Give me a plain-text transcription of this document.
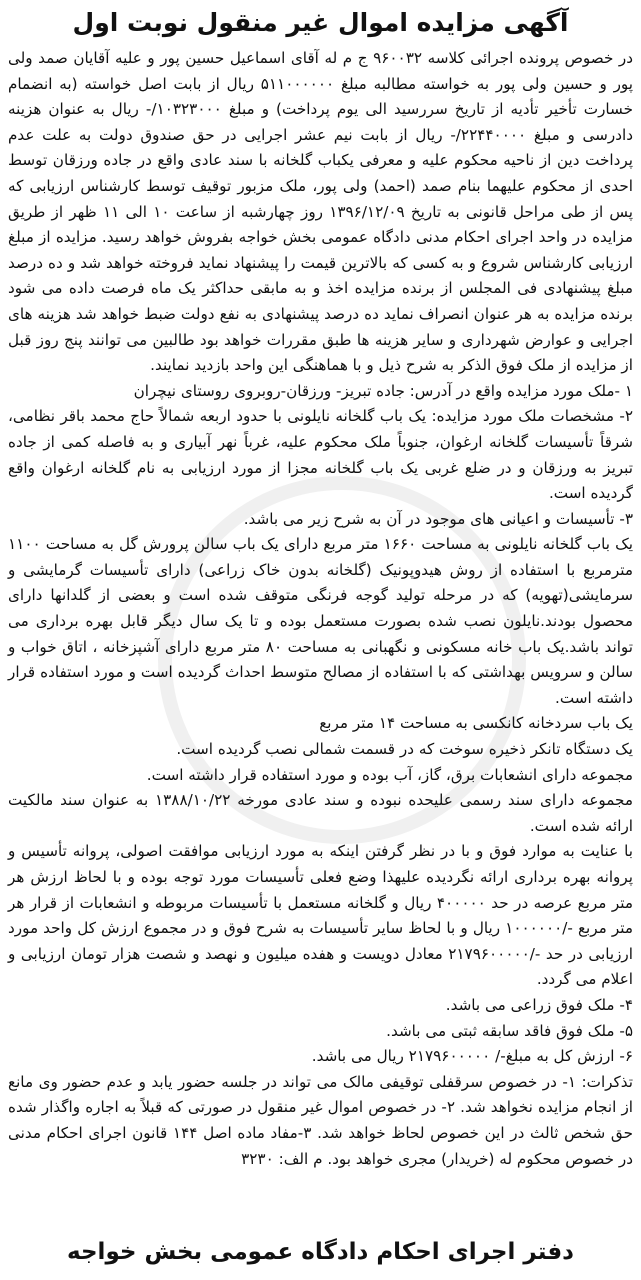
آگهی مزایده اموال غیر منقول نوبت اول

در خصوص پرونده اجرائی کلاسه ۹۶۰۰۳۲ ج م له آقای اسماعیل حسین پور و علیه آقایان صمد ولی پور و حسین ولی پور به خواسته مطالبه مبلغ ۵۱۱۰۰۰۰۰۰ ریال از بابت اصل خواسته (به انضمام خسارت تأخیر تأدیه از تاریخ سررسید الی یوم پرداخت) و مبلغ ۱۰۳۲۳۰۰۰/- ریال به عنوان هزینه دادرسی و مبلغ ۲۲۴۴۰۰۰۰/- ریال از بابت نیم عشر اجرایی در حق صندوق دولت به علت عدم پرداخت دین از ناحیه محکوم علیه و معرفی یکباب گلخانه با سند عادی واقع در جاده ورزقان توسط احدی از محکوم علیهما بنام صمد (احمد) ولی پور، ملک مزبور توقیف توسط کارشناس ارزیابی که پس از طی مراحل قانونی به تاریخ ۱۳۹۶/۱۲/۰۹ روز چهارشبه از ساعت ۱۰ الی ۱۱ ظهر از طریق مزایده در واحد اجرای احکام مدنی دادگاه عمومی بخش خواجه بفروش خواهد رسید. مزایده از مبلغ ارزیابی کارشناس شروع و به کسی که بالاترین قیمت را پیشنهاد نماید فروخته خواهد شد و ده درصد مبلغ پیشنهادی فی المجلس از برنده مزایده اخذ و به مابقی حداکثر یک ماه فرصت داده می شود برنده مزایده به هر عنوان انصراف نماید ده درصد پیشنهادی به نفع دولت ضبط خواهد شد هزینه های اجرایی و عوارض شهرداری و سایر هزینه ها طبق مقررات خواهد بود طالبین می توانند پنج روز قبل از مزایده از ملک فوق الذکر به شرح ذیل و با هماهنگی این واحد بازدید نمایند.

۱ -ملک مورد مزایده واقع در آدرس: جاده تبریز- ورزقان-روبروی روستای نیچران

۲- مشخصات ملک مورد مزایده: یک باب گلخانه نایلونی با حدود اربعه شمالاً حاج محمد باقر نظامی، شرقاً تأسیسات گلخانه ارغوان، جنوباً ملک محکوم علیه، غرباً نهر آبیاری و به فاصله کمی از جاده تبریز به ورزقان و در ضلع غربی یک باب گلخانه مجزا از مورد ارزیابی به نام گلخانه ارغوان واقع گردیده است.

۳- تأسیسات و اعیانی های موجود در آن به شرح زیر می باشد.

یک باب گلخانه نایلونی به مساحت ۱۶۶۰ متر مربع دارای یک باب سالن پرورش گل به مساحت ۱۱۰۰ مترمربع با استفاده از روش هیدوپونیک (گلخانه بدون خاک زراعی) دارای تأسیسات گرمایشی و سرمایشی(تهویه) که در مرحله تولید گوجه فرنگی متوقف شده است و بعضی از گلدانها دارای محصول بودند.نایلون نصب شده بصورت مستعمل بوده و تا یک سال دیگر قابل بهره برداری می تواند باشد.یک باب خانه مسکونی و نگهبانی به مساحت ۸۰ متر مربع دارای آشپزخانه ، اتاق خواب و سالن و سرویس بهداشتی که با استفاده از مصالح متوسط احداث گردیده است و مورد استفاده قرار داشته است.

یک باب سردخانه کانکسی به مساحت ۱۴ متر مربع

یک دستگاه تانکر ذخیره سوخت که در قسمت شمالی نصب گردیده است.

مجموعه دارای انشعابات برق، گاز، آب بوده و مورد استفاده قرار داشته است.

مجموعه دارای سند رسمی علیحده نبوده و سند عادی مورخه ۱۳۸۸/۱۰/۲۲ به عنوان سند مالکیت ارائه شده است.

با عنایت به موارد فوق و با در نظر گرفتن اینکه به مورد ارزیابی موافقت اصولی، پروانه تأسیس و پروانه بهره برداری ارائه نگردیده علیهذا وضع فعلی تأسیسات مورد توجه بوده و با لحاظ ارزش هر متر مربع عرصه در حد ۴۰۰۰۰۰ ریال و گلخانه مستعمل با تأسیسات مربوطه و انشعابات از قرار هر متر مربع -/۱۰۰۰۰۰۰ ریال و با لحاظ سایر تأسیسات به شرح فوق و در مجموع ارزش کل واحد مورد ارزیابی در حد -/۲۱۷۹۶۰۰۰۰۰ معادل دویست و هفده میلیون و نهصد و شصت هزار تومان ارزیابی و اعلام می گردد.

۴- ملک فوق زراعی می باشد.

۵- ملک فوق فاقد سابقه ثبتی می باشد.

۶- ارزش کل به مبلغ-/ ۲۱۷۹۶۰۰۰۰۰ ریال می باشد.

تذکرات: ۱- در خصوص سرقفلی توقیفی مالک می تواند در جلسه حضور یابد و عدم حضور وی مانع از انجام مزایده نخواهد شد. ۲- در خصوص اموال غیر منقول در صورتی که قبلاً به اجاره واگذار شده حق شخص ثالث در این خصوص لحاظ خواهد شد. ۳-مفاد ماده اصل ۱۴۴ قانون اجرای احکام مدنی در خصوص محکوم له (خریدار) مجری خواهد بود. م الف: ۳۲۳۰

دفتر اجرای احکام دادگاه عمومی بخش خواجه
